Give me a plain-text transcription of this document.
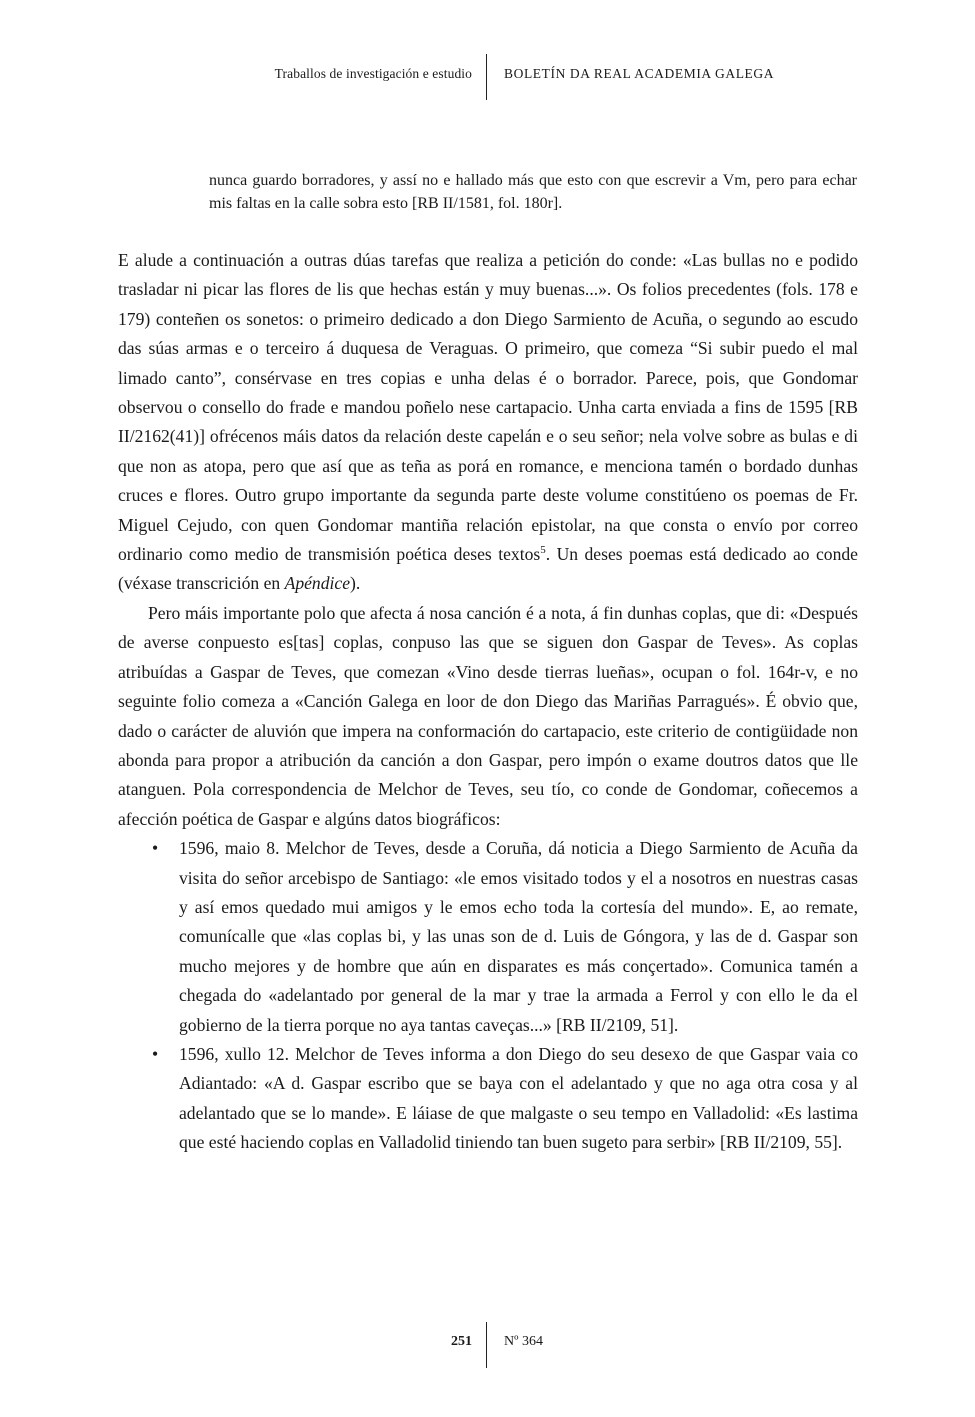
Traballos de investigación e estudio BOLETÍN DA REAL ACADEMIA GALEGA
nunca guardo borradores, y assí no e hallado más que esto con que escrevir a Vm, pero para echar mis faltas en la calle sobra esto [RB II/1581, fol. 180r].

E alude a continuación a outras dúas tarefas que realiza a petición do conde: «Las bullas no e podido trasladar ni picar las flores de lis que hechas están y muy buenas...». Os folios precedentes (fols. 178 e 179) conteñen os sonetos: o primeiro dedicado a don Diego Sarmiento de Acuña, o segundo ao escudo das súas armas e o terceiro á duquesa de Veraguas. O primeiro, que comeza “Si subir puedo el mal limado canto”, consérvase en tres copias e unha delas é o borrador. Parece, pois, que Gondomar observou o consello do frade e mandou poñelo nese cartapacio. Unha carta enviada a fins de 1595 [RB II/2162(41)] ofrécenos máis datos da relación deste capelán e o seu señor; nela volve sobre as bulas e di que non as atopa, pero que así que as teña as porá en romance, e menciona tamén o bordado dunhas cruces e flores. Outro grupo importante da segunda parte deste volume constitúeno os poemas de Fr. Miguel Cejudo, con quen Gondomar mantiña relación epistolar, na que consta o envío por correo ordinario como medio de transmisión poética deses textos$^5$. Un deses poemas está dedicado ao conde (véxase transcrición en Apéndice).

Pero máis importante polo que afecta á nosa canción é a nota, á fin dunhas coplas, que di: «Después de averse conpuesto es[tas] coplas, conpuso las que se siguen don Gaspar de Teves». As coplas atribuídas a Gaspar de Teves, que comezan «Vino desde tierras lueñas», ocupan o fol. 164r-v, e no seguinte folio comeza a «Canción Galega en loor de don Diego das Mariñas Parragués». É obvio que, dado o carácter de aluvión que impera na conformación do cartapacio, este criterio de contigüidade non abonda para propor a atribución da canción a don Gaspar, pero impón o exame doutros datos que lle atanguen. Pola correspondencia de Melchor de Teves, seu tío, co conde de Gondomar, coñecemos a afección poética de Gaspar e algúns datos biográficos:

• 1596, maio 8. Melchor de Teves, desde a Coruña, dá noticia a Diego Sarmiento de Acuña da visita do señor arcebispo de Santiago: «le emos visitado todos y el a nosotros en nuestras casas y así emos quedado mui amigos y le emos echo toda la cortesía del mundo». E, ao remate, comunícalle que «las coplas bi, y las unas son de d. Luis de Góngora, y las de d. Gaspar son mucho mejores y de hombre que aún en disparates es más conçertado». Comunica tamén a chegada do «adelantado por general de la mar y trae la armada a Ferrol y con ello le da el gobierno de la tierra porque no aya tantas caveças...» [RB II/2109, 51].
• 1596, xullo 12. Melchor de Teves informa a don Diego do seu desexo de que Gaspar vaia co Adiantado: «A d. Gaspar escribo que se baya con el adelantado y que no aga otra cosa y al adelantado que se lo mande». E láiase de que malgaste o seu tempo en Valladolid: «Es lastima que esté haciendo coplas en Valladolid tiniendo tan buen sugeto para serbir» [RB II/2109, 55].
251 Nº 364
